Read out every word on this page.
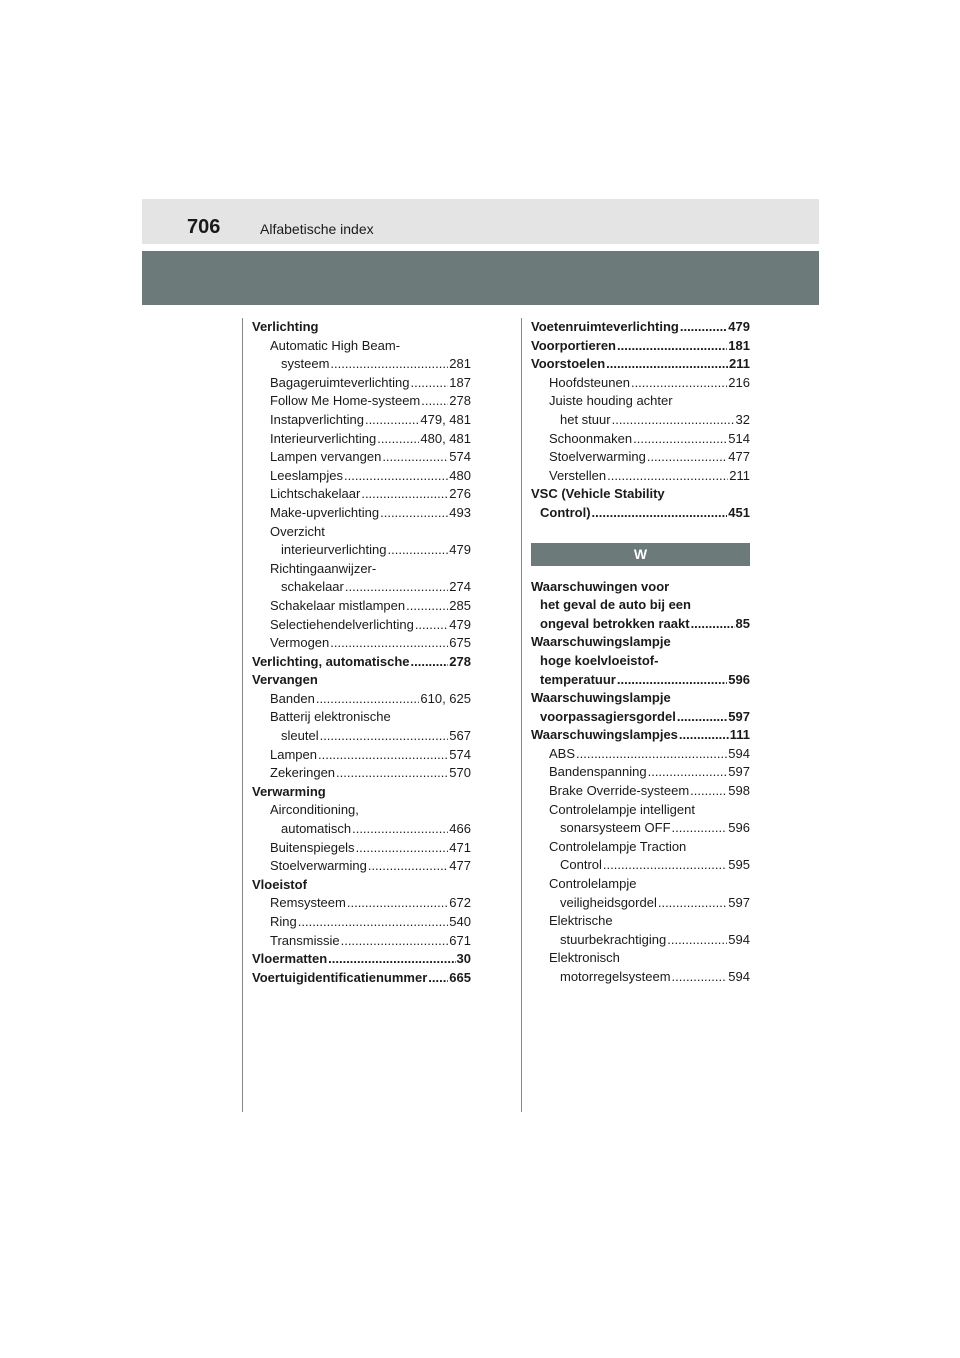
706	Alfabetische index
Verlichting
Automatic High Beam-
systeem .....	281
Bagageruimteverlichting .....	187
Follow Me Home-systeem ..... 278
Instapverlichting .....	479, 481
Interieurverlichting .....	480, 481
Lampen vervangen .....	574
Leeslampjes .....	480
Lichtschakelaar .....	276
Make-upverlichting .....	493
Overzicht
interieurverlichting .....	479
Richtingaanwijzer-
schakelaar .....	274
Schakelaar mistlampen .....	285
Selectiehendelverlichting .....	479
Vermogen .....	675
Verlichting, automatische .....	278
Vervangen
Banden .....	610, 625
Batterij elektronische
sleutel .....	567
Lampen .....	574
Zekeringen .....	570
Verwarming
Airconditioning,
automatisch .....	466
Buitenspiegels .....	471
Stoelverwarming .....	477
Vloeistof
Remsysteem .....	672
Ring .....	540
Transmissie .....	671
Vloermatten .....	30
Voertuigidentificatienummer ..... 665
Voetenruimteverlichting .....	479
Voorportieren .....	181
Voorstoelen .....	211
Hoofdsteunen .....	216
Juiste houding achter
het stuur .....	32
Schoonmaken .....	514
Stoelverwarming .....	477
Verstellen .....	211
VSC (Vehicle Stability
Control) .....	451
W
Waarschuwingen voor
het geval de auto bij een
ongeval betrokken raakt .....	85
Waarschuwingslampje
hoge koelvloeistof-
temperatuur .....	596
Waarschuwingslampje
voorpassagiersgordel .....	597
Waarschuwingslampjes .....	111
ABS .....	594
Bandenspanning .....	597
Brake Override-systeem .....	598
Controlelampje intelligent
sonarsysteem OFF .....	596
Controlelampje Traction
Control .....	595
Controlelampje
veiligheidsgordel .....	597
Elektrische
stuurbekrachtiging .....	594
Elektronisch
motorregelsysteem .....	594
